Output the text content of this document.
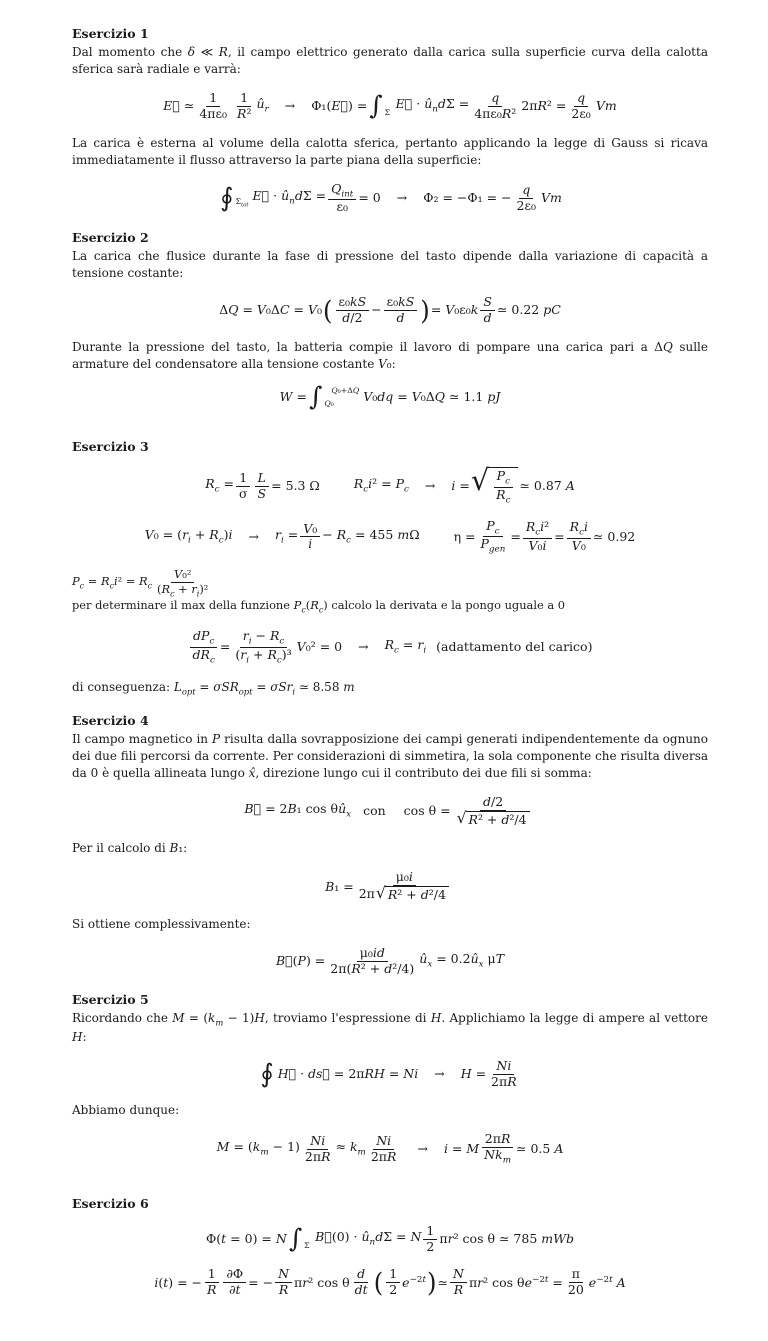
Esercizio 1

Dal momento che δ ≪ R, il campo elettrico generato dalla carica sulla superficie curva della calotta sferica sarà radiale e varrà:

E⃗ ≃ $\frac{1}{\text{4πε₀}} \frac{1}{\text{R²}}$ $û_r$ → Φ₁(E⃗) = ∫ Σ
E⃗ · $û_nd\Sigma = \frac{q}{\text{4πε₀R²}} 2\pi R^2 = \frac{q}{\text{2ε₀}}$ Vm

La carica è esterna al volume della calotta sferica, pertanto applicando la legge di Gauss si ricava immediatamente il flusso attraverso la parte piana della superficie:

∮ $\Sigma_{tot}$
E⃗ · $û_nd\Sigma = \frac{Q_{int}}{\text{ε₀}} = 0 \to \Phi_2 = -\Phi_1$ = − $\frac{q}{\text{2ε₀}}$ Vm
Esercizio 2

La carica che flusice durante la fase di pressione del tasto dipende dalla variazione di capacità a tensione costante:

ΔQ = V₀ΔC = V₀ ( $\frac{\text{ε₀kS}}{d/2} - \frac{\text{ε₀kS}}{d}$ ) = $V_0\varepsilon_0k \frac{S}{d}$ ≃ 0.22 pC

Durante la pressione del tasto, la batteria compie il lavoro di pompare una carica pari a ΔQ sulle armature del condensatore alla tensione costante V₀:

W = ∫ Q₀+ΔQ
Q₀	V₀dq = V₀ΔQ ≃ 1.1 pJ
Esercizio 3
$R_c = \frac{1}{\sigma} \frac{L}{S} = 5.3$ Ω	$R_ci^2 = P_c \to i$ = √ $\frac{P_c}{R_c}$ ≃ 0.87 A
$V_0 = (r_i + R_c)i \to r_i = \frac{\text{V₀}}{i} - R_c = 455$ mΩ	$\eta = \frac{P_c}{P_{gen}} = \frac{R_ci^2}{\text{V₀i}} = \frac{R_ci}{\text{V₀}}$ ≃ 0.92
$P_c = R_ci^2 = R_c \frac{\text{V₀²}}{(R_c + r_i)^2}$
per determinare il max della funzione $P_c(R_c)$ calcolo la derivata e la pongo uguale a 0
$\frac{dP_c}{dR_c} = \frac{r_i - R_c}{(r_i + R_c)^3} V_0^2 = 0 \to R_c = r_i$ (adattamento del carico)

di conseguenza: $L_{opt} = \sigma SR_{opt} = \sigma Sr_i$ ≃ 8.58 m

Esercizio 4

Il campo magnetico in P risulta dalla sovrapposizione dei campi generati indipendentemente da ognuno dei due fili percorsi da corrente. Per considerazioni di simmetira, la sola componente che risulta diversa da 0 è quella allineata lungo x̂, direzione lungo cui il contributo dei due fili si somma:

B⃗ = 2B₁ $\cos \theta û_x$ con $\cos \theta = \frac{d/2}{\text{√ R² + d²/4}}$

Per il calcolo di B₁:

$B_1 = \frac{\text{μ₀i}}{\text{2π √ R² + d²/4}}$

Si ottiene complessivamente:

B⃗(P) = $\frac{\text{μ₀id}}{\text{2π(R² + d²/4)}}$ $û_x$ = $0.2û_x$ μT
Esercizio 5

Ricordando che $M = (k_m - 1)H$, troviamo l'espressione di H. Applichiamo la legge di ampere al vettore H:

∮ H⃗ · ds⃗ = $2\pi RH = Ni \to H = \frac{Ni}{2\pi R}$

Abbiamo dunque:

$M = (k_m - 1) \frac{Ni}{2\pi R} \approx k_m \frac{Ni}{2\pi R} \to i = M \frac{2\pi R}{Nk_m}$ ≃ 0.5 A
Esercizio 6
Φ(t = 0) = N ∫ Σ
B⃗(0) · $û_nd\Sigma = N \frac{1}{2} \pi r^2$ cos θ ≃ 785 mWb
i(t) = − $\frac{1}{R} \frac{\partial\Phi}{\partial t}$ = − $\frac{N}{R} \pi r^2$ cos θ $\frac{d}{dt}$ ( $\frac{1}{2} e^{-2t}$ ) ≃ $\frac{N}{R} \pi r^2$ $\cos \theta e^{-2t} = \frac{\pi}{20} e^{-2t}$ A
